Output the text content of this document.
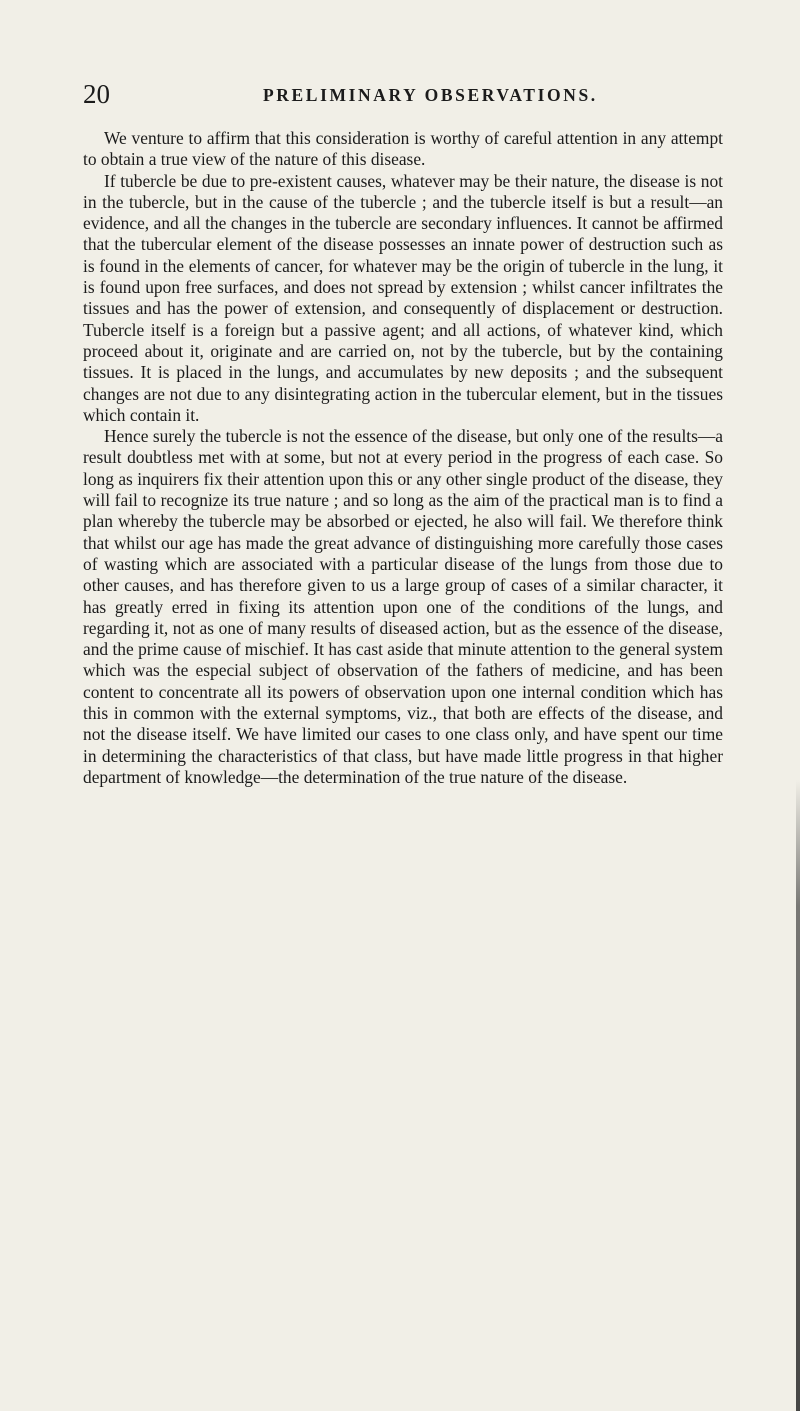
20	PRELIMINARY OBSERVATIONS.

We venture to affirm that this consideration is worthy of careful attention in any attempt to obtain a true view of the nature of this disease.

If tubercle be due to pre-existent causes, whatever may be their nature, the disease is not in the tubercle, but in the cause of the tubercle ; and the tubercle itself is but a result—an evidence, and all the changes in the tubercle are secondary influences. It cannot be affirmed that the tubercular element of the disease possesses an innate power of destruction such as is found in the elements of cancer, for whatever may be the origin of tubercle in the lung, it is found upon free surfaces, and does not spread by extension ; whilst cancer infiltrates the tissues and has the power of extension, and consequently of displacement or destruction. Tubercle itself is a foreign but a passive agent; and all actions, of whatever kind, which proceed about it, originate and are carried on, not by the tubercle, but by the containing tissues. It is placed in the lungs, and accumulates by new deposits ; and the subsequent changes are not due to any disintegrating action in the tubercular element, but in the tissues which contain it.

Hence surely the tubercle is not the essence of the disease, but only one of the results—a result doubtless met with at some, but not at every period in the progress of each case. So long as inquirers fix their attention upon this or any other single product of the disease, they will fail to recognize its true nature ; and so long as the aim of the practical man is to find a plan whereby the tubercle may be absorbed or ejected, he also will fail. We therefore think that whilst our age has made the great advance of distinguishing more carefully those cases of wasting which are associated with a particular disease of the lungs from those due to other causes, and has therefore given to us a large group of cases of a similar character, it has greatly erred in fixing its attention upon one of the conditions of the lungs, and regarding it, not as one of many results of diseased action, but as the essence of the disease, and the prime cause of mischief. It has cast aside that minute attention to the general system which was the especial subject of observation of the fathers of medicine, and has been content to concentrate all its powers of observation upon one internal condition which has this in common with the external symptoms, viz., that both are effects of the disease, and not the disease itself. We have limited our cases to one class only, and have spent our time in determining the characteristics of that class, but have made little progress in that higher department of knowledge—the determination of the true nature of the disease.
